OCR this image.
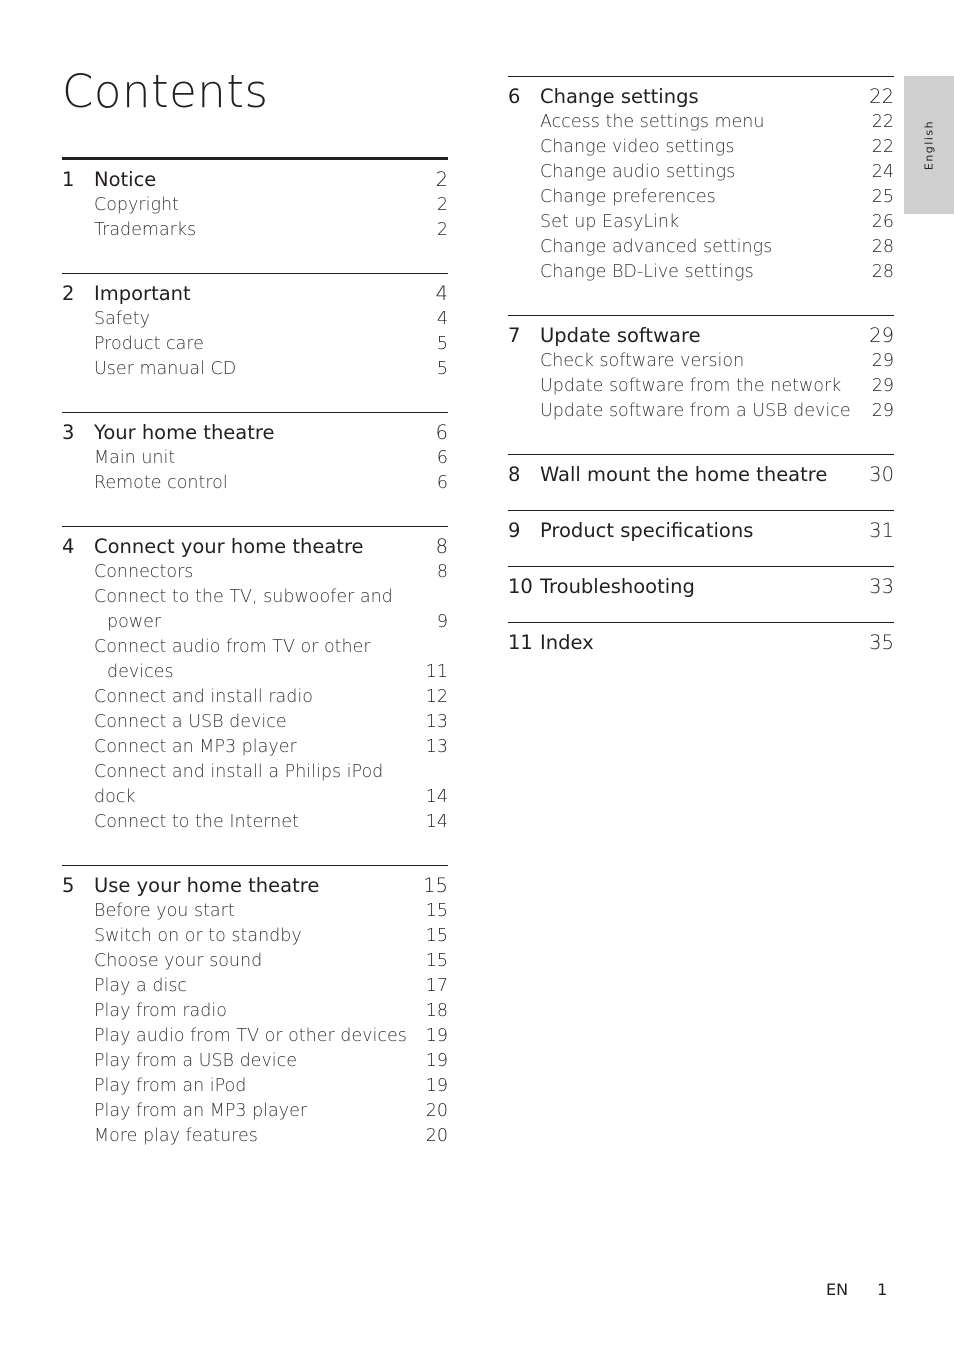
Contents
1	Notice	2
Copyright	2
Trademarks	2
2	Important	4
Safety	4
Product care	5
User manual CD	5
3	Your home theatre	6
Main unit	6
Remote control	6
4	Connect your home theatre	8
Connectors	8
Connect to the TV, subwoofer and
power	9
Connect audio from TV or other
devices	11
Connect and install radio	12
Connect a USB device	13
Connect an MP3 player	13
Connect and install a Philips iPod dock	14
Connect to the Internet	14
5	Use your home theatre	15
Before you start	15
Switch on or to standby	15
Choose your sound	15
Play a disc	17
Play from radio	18
Play audio from TV or other devices	19
Play from a USB device	19
Play from an iPod	19
Play from an MP3 player	20
More play features	20
6	Change settings	22
Access the settings menu	22
Change video settings	22
Change audio settings	24
Change preferences	25
Set up EasyLink	26
Change advanced settings	28
Change BD-Live settings	28
7	Update software	29
Check software version	29
Update software from the network	29
Update software from a USB device	29
8	Wall mount the home theatre	30
9	Product specifications	31
10 Troubleshooting	33
11 Index	35
English
EN 1
